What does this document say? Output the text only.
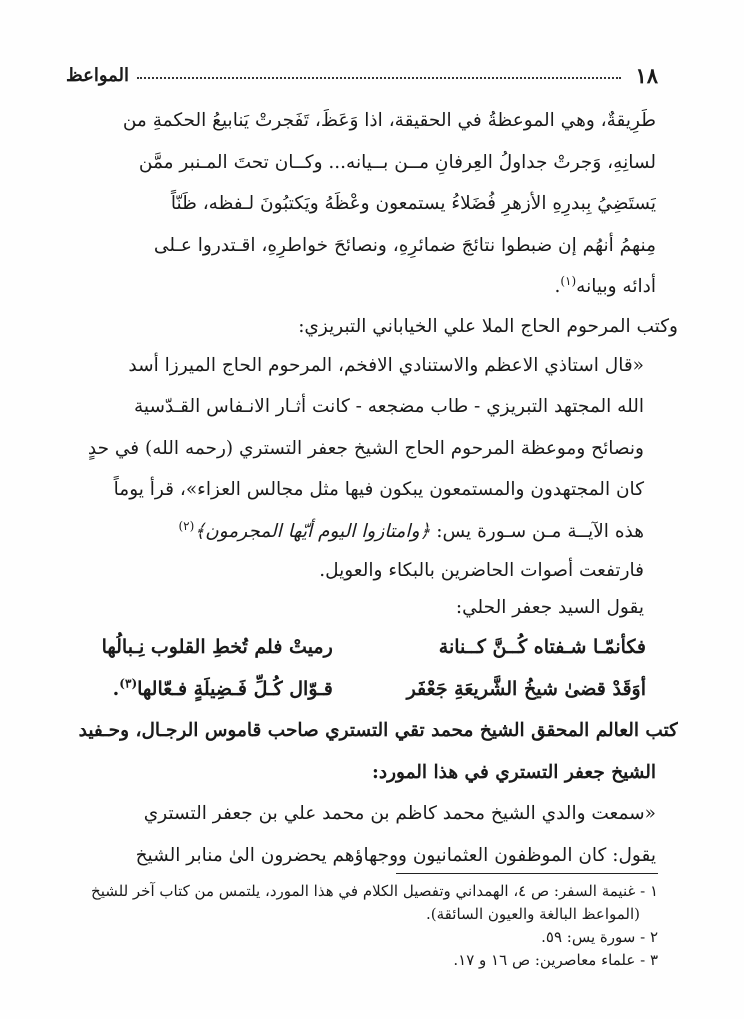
١٨
المواعظ
طَرِيقةٌ، وهي الموعظةُ في الحقيقة، اذا وَعَظَ، تَفَجرتْ يَنابيعُ الحكمةِ من
لسانِهِ، وَجرتْ جداولُ العِرفانِ مــن بــيانه... وكــان تحتَ المـنبر ممَّن
يَستَضِيُ بِبدرِهِ الأزهرِ فُضَلاءُ يستمعون وعْظَهُ ويَكتبُونَ لـفظه، ظَنّاً
مِنهمُ أنهُم إن ضبطوا نتائجَ ضمائرِهِ، ونصائحَ خواطرِهِ، اقـتدروا عـلى
أدائه وبيانه$^{(١)}$.
وكتب المرحوم الحاج الملا علي الخياباني التبريزي:
«قال استاذي الاعظم والاستنادي الافخم، المرحوم الحاج الميرزا أسد
الله المجتهد التبريزي - طاب مضجعه - كانت أثـار الانـفاس القـدّسية
ونصائح وموعظة المرحوم الحاج الشيخ جعفر التستري (رحمه الله) في حدٍ
كان المجتهدون والمستمعون يبكون فيها مثل مجالس العزاء»، قرأ يوماً
هذه الآيــة مـن سـورة يس: ﴿وامتازوا اليوم أيّها المجرمون﴾$^{(٢)}$
فارتفعت أصوات الحاضرين بالبكاء والعويل.
يقول السيد جعفر الحلي:
فكأنمّـا شـفتاه كُــنَّ كــنانة
رميتْ فلم تُخطِ القلوب نِـبالُها
أوَقَدْ قضىٰ شيخُ الشَّريعَةِ جَعْفَر
قـوّال كُـلِّ فَـضِيلَةٍ فـعّالها$^{(٣)}$.
كتب العالم المحقق الشيخ محمد تقي التستري صاحب قاموس الرجـال، وحـفيد
الشيخ جعفر التستري في هذا المورد:
«سمعت والدي الشيخ محمد كاظم بن محمد علي بن جعفر التستري
يقول: كان الموظفون العثمانيون ووجهاؤهم يحضرون الىٰ منابر الشيخ
١ - غنيمة السفر: ص ٤، الهمداني وتفصيل الكلام في هذا المورد، يلتمس من كتاب آخر للشيخ
(المواعظ البالغة والعيون السائقة).
٢ - سورة يس: ٥٩.
٣ - علماء معاصرين: ص ١٦ و ١٧.
